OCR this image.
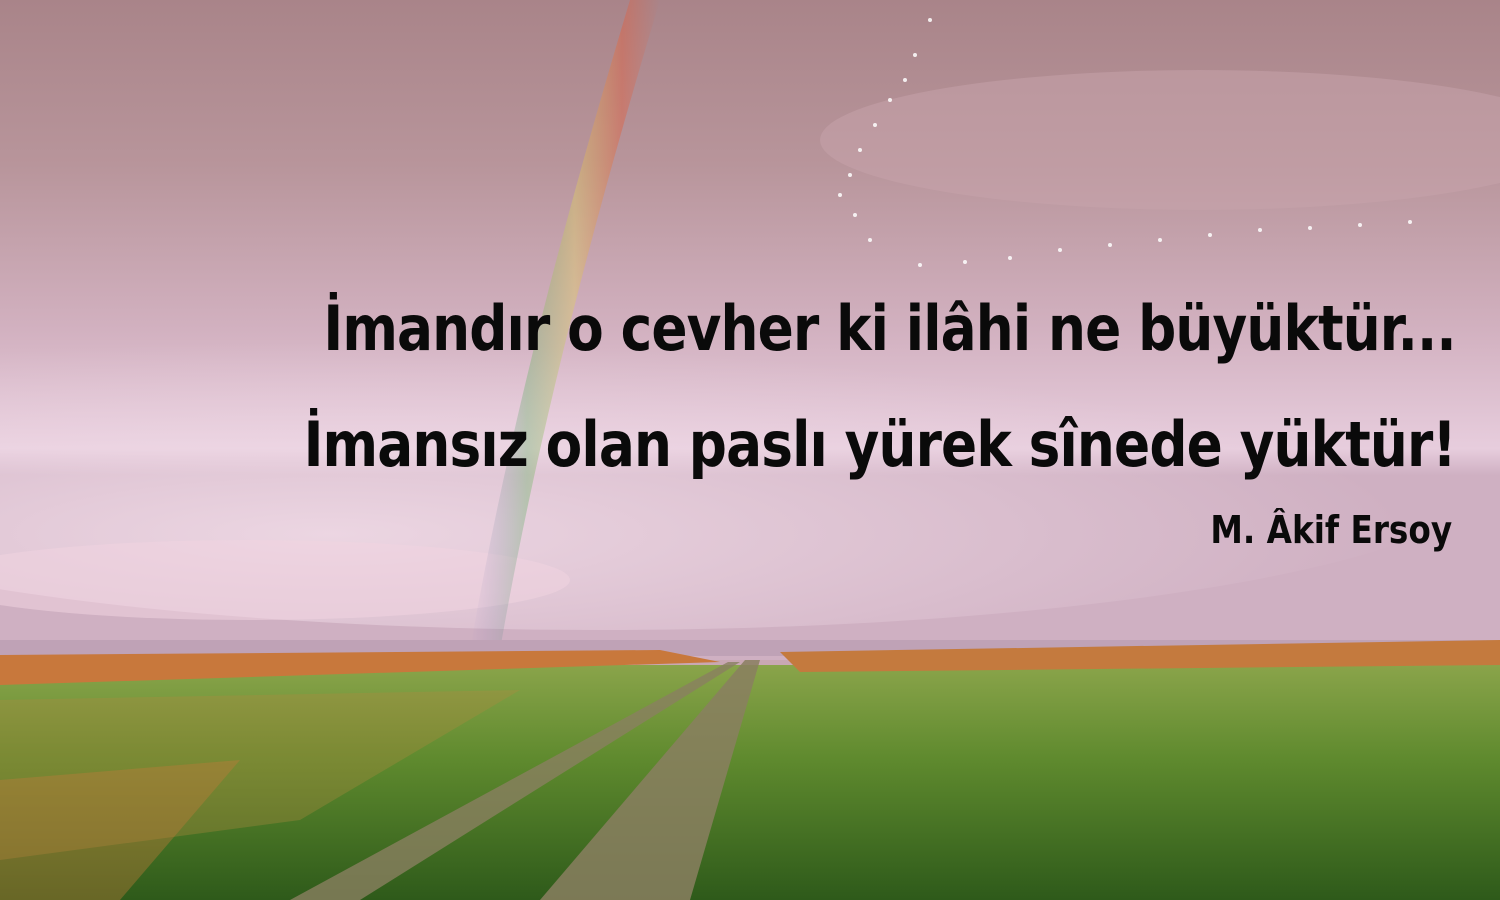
İmandır o cevher ki ilâhi ne büyüktür...

İmansız olan paslı yürek sînede yüktür!

M. Âkif Ersoy
